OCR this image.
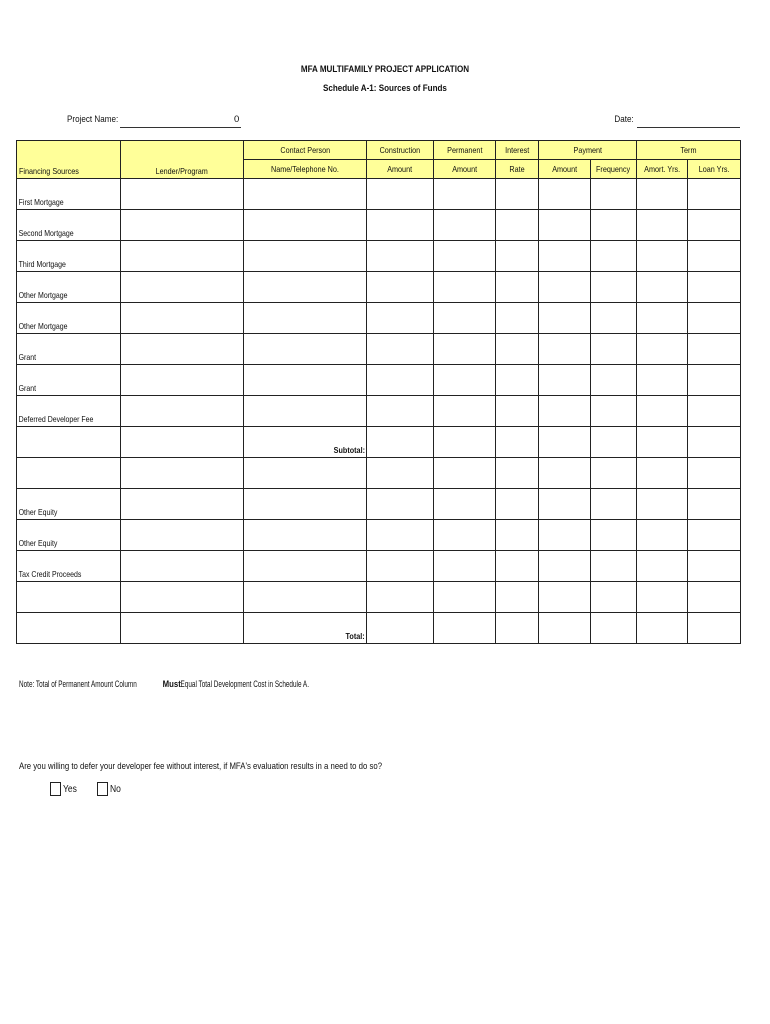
MFA MULTIFAMILY PROJECT APPLICATION
Schedule A-1: Sources of Funds
Project Name:	0	Date:
Financing Sources	Lender/Program	Contact Person	Construction	Permanent	Interest	Payment		Term	
		Name/Telephone No.	Amount	Amount	Rate	Amount	Frequency	Amort. Yrs.	Loan Yrs.
First Mortgage									
Second Mortgage									
Third Mortgage									
Other Mortgage									
Other Mortgage									
Grant									
Grant									
Deferred Developer Fee									
		Subtotal:							

Other Equity									
Other Equity									
Tax Credit Proceeds									

		Total:							
Note: Total of Permanent Amount Column	MustEqual Total Development Cost in Schedule A.
Are you willing to defer your developer fee without interest, if MFA's evaluation results in a need to do so?
Yes	No
